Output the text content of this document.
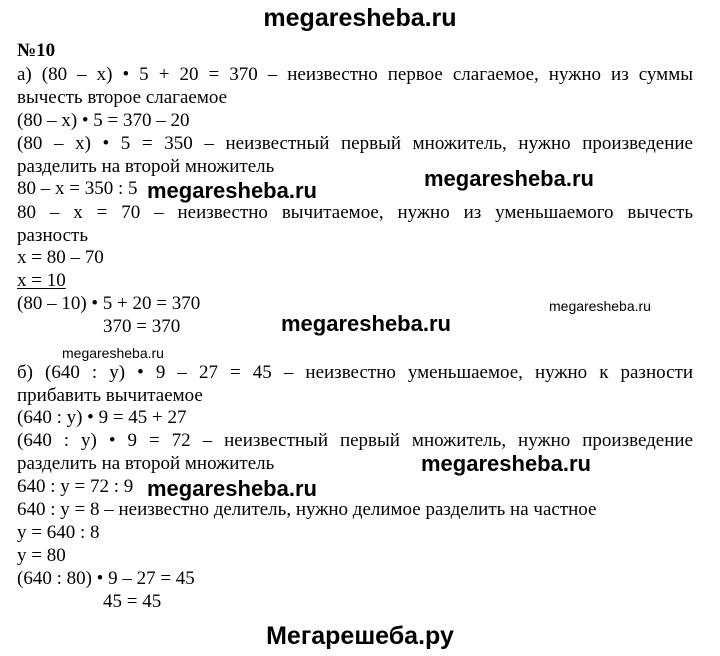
megaresheba.ru
№10
а) (80 – х) • 5 + 20 = 370 – неизвестно первое слагаемое, нужно из суммы
вычесть второе слагаемое
(80 – х) • 5 = 370 – 20
(80 – х) • 5 = 350 – неизвестный первый множитель, нужно произведение
разделить на второй множитель
80 – х = 350 : 5
80 – х = 70 – неизвестно вычитаемое, нужно из уменьшаемого вычесть
разность
х = 80 – 70
х = 10
(80 – 10) • 5 + 20 = 370
370 = 370
б) (640 : у) • 9 – 27 = 45 – неизвестно уменьшаемое, нужно к разности
прибавить вычитаемое
(640 : у) • 9 = 45 + 27
(640 : у) • 9 = 72 – неизвестный первый множитель, нужно произведение
разделить на второй множитель
640 : у = 72 : 9
640 : у = 8 – неизвестно делитель, нужно делимое разделить на частное
у = 640 : 8
у = 80
(640 : 80) • 9 – 27 = 45
45 = 45
megaresheba.ru	megaresheba.ru
megaresheba.ru
megaresheba.ru
megaresheba.ru
megaresheba.ru
megaresheba.ru
Мегарешеба.ру
